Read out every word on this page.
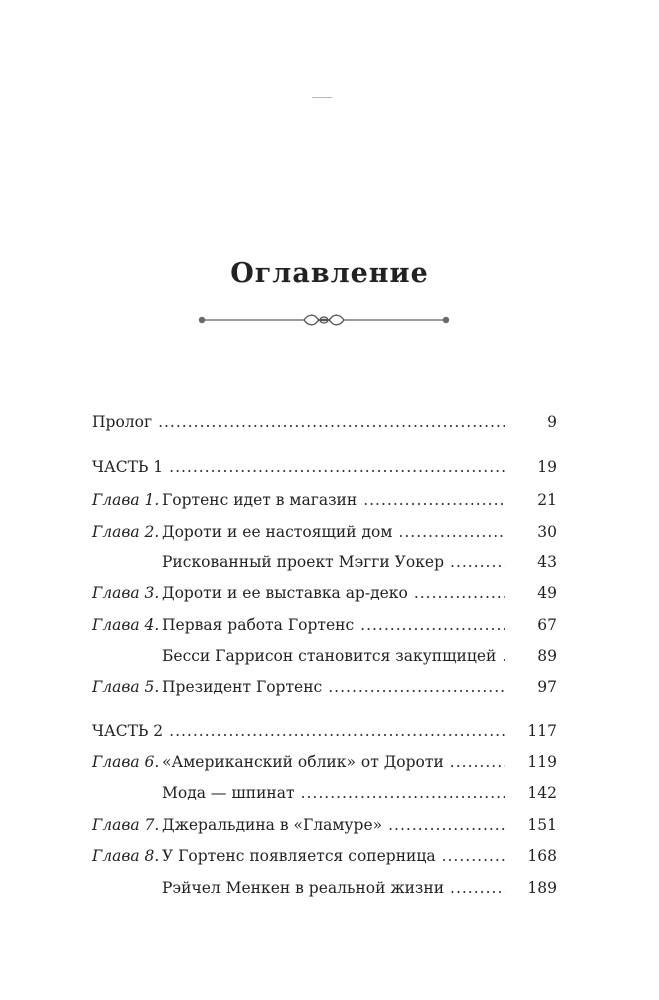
Оглавление
Пролог .....	9
ЧАСТЬ 1 .....	19
Глава 1. Гортенс идет в магазин .....	21
Глава 2. Дороти и ее настоящий дом .....	30
Рискованный проект Мэгги Уокер .....	43
Глава 3. Дороти и ее выставка ар-деко .....	49
Глава 4. Первая работа Гортенс .....	67
Бесси Гаррисон становится закупщицей .....	89
Глава 5. Президент Гортенс .....	97
ЧАСТЬ 2 .....	117
Глава 6. «Американский облик» от Дороти .....	119
Мода — шпинат .....	142
Глава 7. Джеральдина в «Гламуре» .....	151
Глава 8. У Гортенс появляется соперница .....	168
Рэйчел Менкен в реальной жизни .....	189
